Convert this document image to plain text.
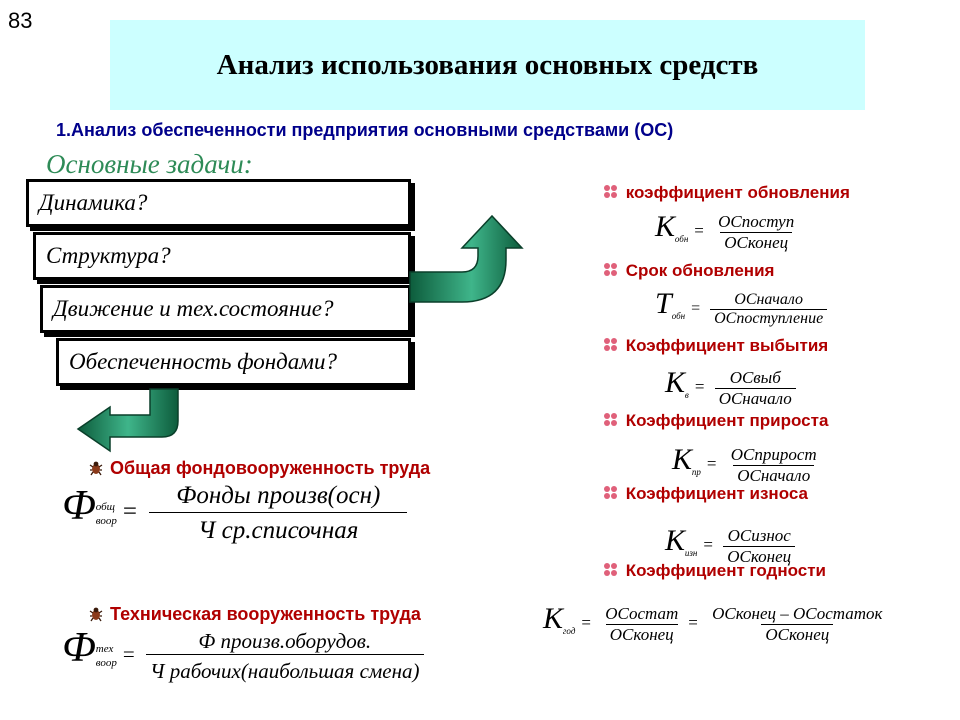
83
Анализ использования основных средств
1.Анализ обеспеченности предприятия основными средствами (ОС)
Основные задачи:
Динамика?
Структура?
Движение и тех.состояние?
Обеспеченность фондами?
коэффициент обновления
Срок обновления
Коэффициент выбытия
Коэффициент прироста
Коэффициент износа
Коэффициент годности
$К_{обн} = \frac{\text{ОСпоступ}}{\text{ОСконец}}$
$Т_{обн} = \frac{\text{ОСначало}}{\text{ОСпоступление}}$
$К_в = \frac{\text{ОСвыб}}{\text{ОСначало}}$
$К_{пр} = \frac{\text{ОСприрост}}{\text{ОСначало}}$
$К_{изн} = \frac{\text{ОСизнос}}{\text{ОСконец}}$
$К_{год} = \frac{\text{ОСостат}}{\text{ОСконец}} = \frac{\text{ОСконец – ОСостаток}}{\text{ОСконец}}$
Общая фондовооруженность труда
Ф общ
воор = $\frac{\text{Фонды произв(осн)}}{\text{Ч ср.списочная}}$
Техническая вооруженность труда
Ф тех
воор = $\frac{\text{Ф произв.оборудов.}}{\text{Ч рабочих(наибольшая смена)}}$
